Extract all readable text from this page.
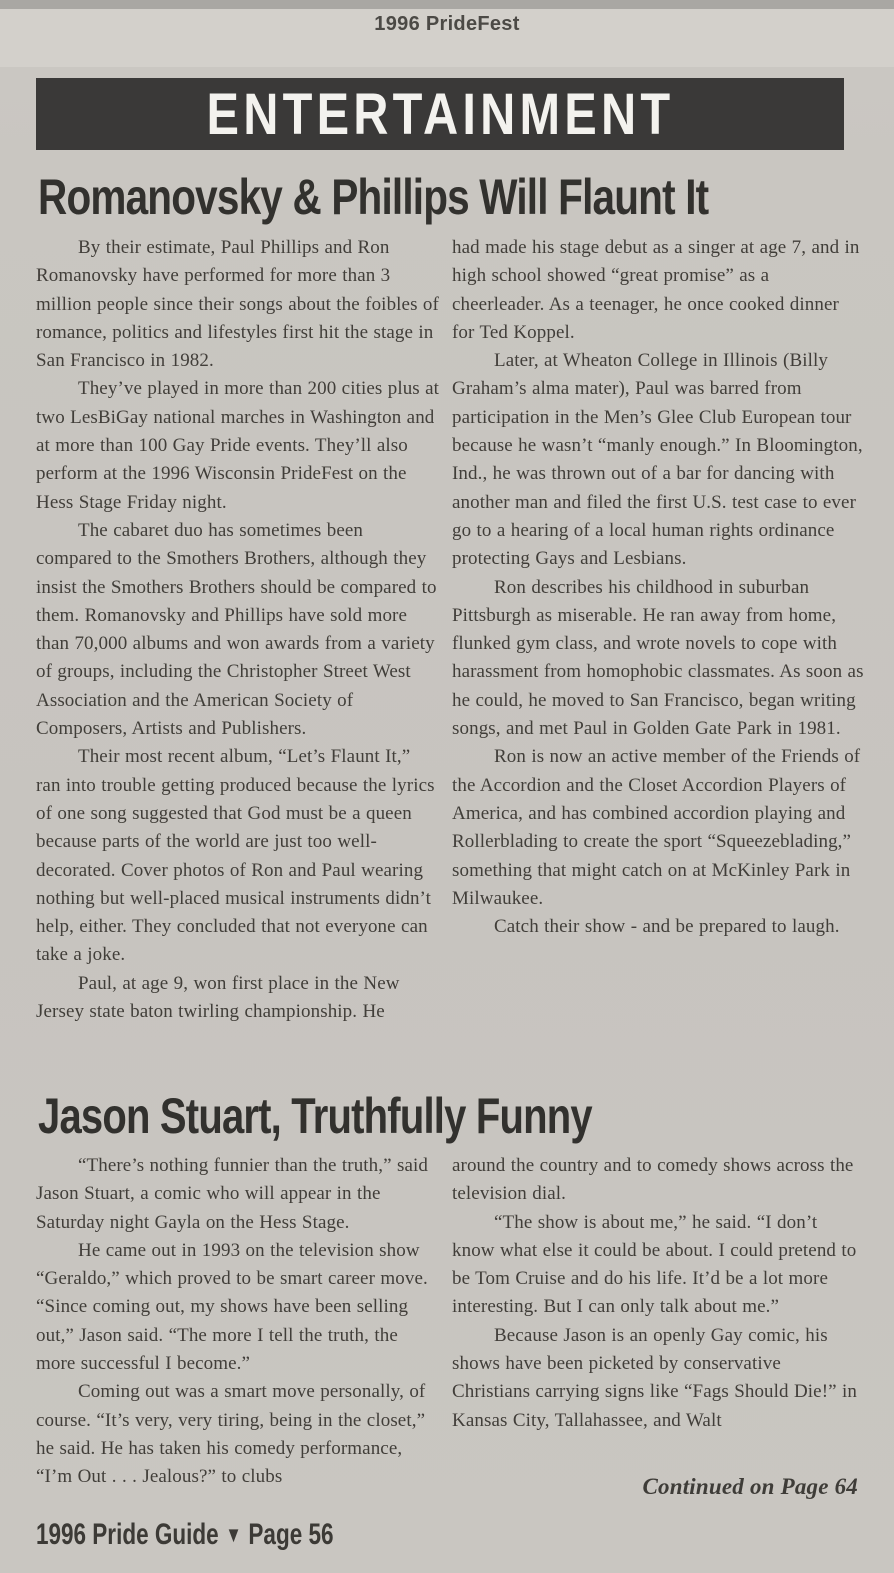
1996 PrideFest
ENTERTAINMENT
Romanovsky & Phillips Will Flaunt It

By their estimate, Paul Phillips and Ron Romanovsky have performed for more than 3 million people since their songs about the foibles of romance, politics and lifestyles first hit the stage in San Francisco in 1982.

They’ve played in more than 200 cities plus at two LesBiGay national marches in Washington and at more than 100 Gay Pride events. They’ll also perform at the 1996 Wisconsin PrideFest on the Hess Stage Friday night.

The cabaret duo has sometimes been compared to the Smothers Brothers, although they insist the Smothers Brothers should be compared to them. Romanovsky and Phillips have sold more than 70,000 albums and won awards from a variety of groups, including the Christopher Street West Association and the American Society of Composers, Artists and Publishers.

Their most recent album, “Let’s Flaunt It,” ran into trouble getting produced because the lyrics of one song suggested that God must be a queen because parts of the world are just too well-decorated. Cover photos of Ron and Paul wearing nothing but well-placed musical instruments didn’t help, either. They concluded that not everyone can take a joke.

Paul, at age 9, won first place in the New Jersey state baton twirling championship. He

had made his stage debut as a singer at age 7, and in high school showed “great promise” as a cheerleader. As a teenager, he once cooked dinner for Ted Koppel.

Later, at Wheaton College in Illinois (Billy Graham’s alma mater), Paul was barred from participation in the Men’s Glee Club European tour because he wasn’t “manly enough.” In Bloomington, Ind., he was thrown out of a bar for dancing with another man and filed the first U.S. test case to ever go to a hearing of a local human rights ordinance protecting Gays and Lesbians.

Ron describes his childhood in suburban Pittsburgh as miserable. He ran away from home, flunked gym class, and wrote novels to cope with harassment from homophobic classmates. As soon as he could, he moved to San Francisco, began writing songs, and met Paul in Golden Gate Park in 1981.

Ron is now an active member of the Friends of the Accordion and the Closet Accordion Players of America, and has combined accordion playing and Rollerblading to create the sport “Squeezeblading,” something that might catch on at McKinley Park in Milwaukee.

Catch their show - and be prepared to laugh.

Jason Stuart, Truthfully Funny

“There’s nothing funnier than the truth,” said Jason Stuart, a comic who will appear in the Saturday night Gayla on the Hess Stage.

He came out in 1993 on the television show “Geraldo,” which proved to be smart career move. “Since coming out, my shows have been selling out,” Jason said. “The more I tell the truth, the more successful I become.”

Coming out was a smart move personally, of course. “It’s very, very tiring, being in the closet,” he said. He has taken his comedy performance, “I’m Out . . . Jealous?” to clubs

around the country and to comedy shows across the television dial.

“The show is about me,” he said. “I don’t know what else it could be about. I could pretend to be Tom Cruise and do his life. It’d be a lot more interesting. But I can only talk about me.”

Because Jason is an openly Gay comic, his shows have been picketed by conservative Christians carrying signs like “Fags Should Die!” in Kansas City, Tallahassee, and Walt

Continued on Page 64
1996 Pride Guide ▼ Page 56
